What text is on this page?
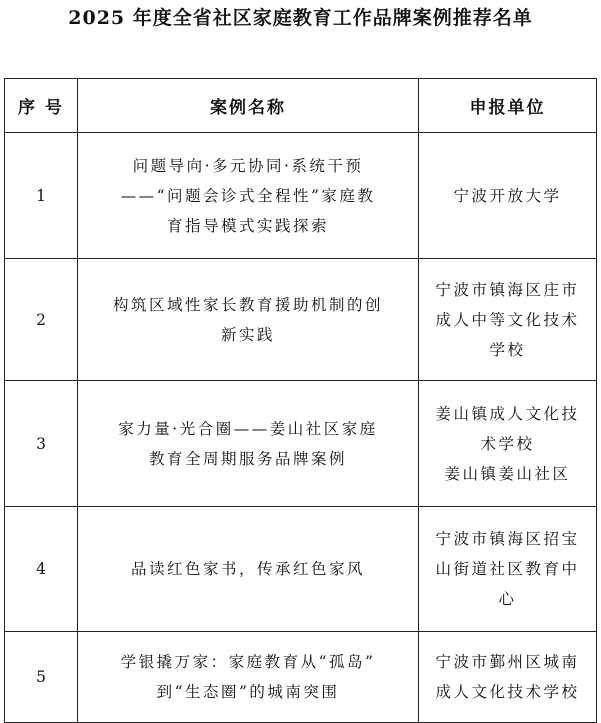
2025 年度全省社区家庭教育工作品牌案例推荐名单
序 号	案例名称	申报单位
1	问题导向·多元协同·系统干预
——“问题会诊式全程性”家庭教
育指导模式实践探索	宁波开放大学

2	构筑区域性家长教育援助机制的创
新实践	宁波市镇海区庄市
成人中等文化技术
学校

3	家力量·光合圈——姜山社区家庭
教育全周期服务品牌案例	姜山镇成人文化技
术学校
姜山镇姜山社区

4	品读红色家书，传承红色家风	宁波市镇海区招宝
山街道社区教育中
心

5	学银撬万家：家庭教育从“孤岛”
到“生态圈”的城南突围	宁波市鄞州区城南
成人文化技术学校
